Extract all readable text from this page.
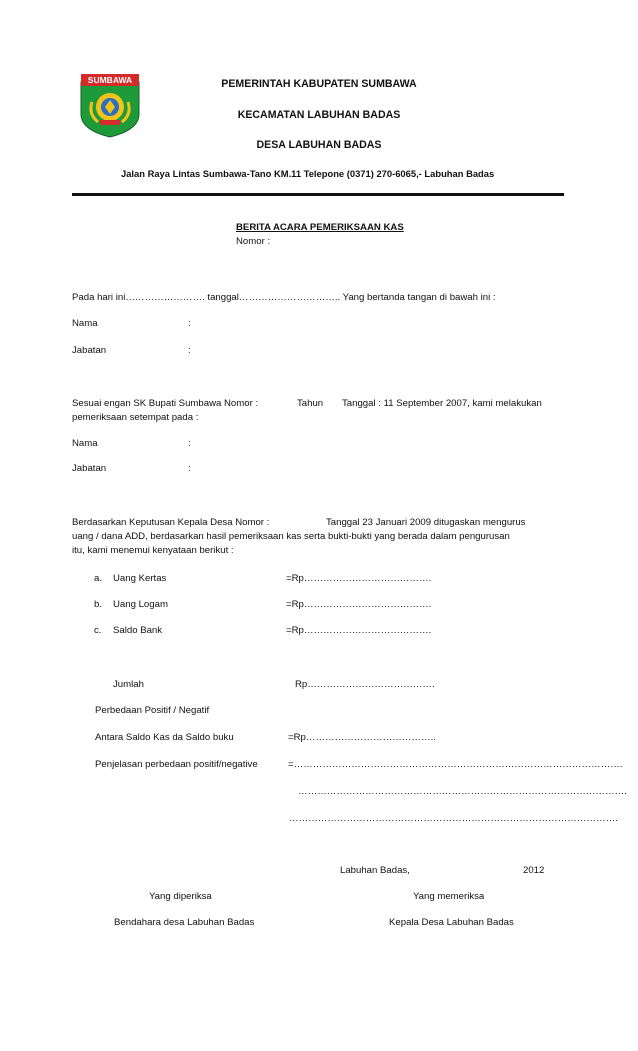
SUMBAWA	PEMERINTAH KABUPATEN SUMBAWA
KECAMATAN LABUHAN BADAS
DESA LABUHAN BADAS
Jalan Raya Lintas Sumbawa-Tano KM.11 Telepone (0371) 270-6065,- Labuhan Badas
BERITA ACARA PEMERIKSAAN KAS
Nomor :
Pada hari ini……………………. tanggal………………………….. Yang bertanda tangan di bawah ini :
Nama	:
Jabatan	:
Sesuai engan SK Bupati Sumbawa Nomor :	Tahun Tanggal : 11 September 2007, kami melakukan
pemeriksaan setempat pada :
Nama	:
Jabatan	:
Berdasarkan Keputusan Kepala Desa Nomor :	Tanggal 23 Januari 2009 ditugaskan mengurus
uang / dana ADD, berdasarkan hasil pemeriksaan kas serta bukti-bukti yang berada dalam pengurusan
itu, kami menemui kenyataan berikut :
a. Uang Kertas	=Rp………………………………….
b. Uang Logam	=Rp………………………………….
c. Saldo Bank	=Rp………………………………….
Jumlah	Rp………………………………….
Perbedaan Positif / Negatif
Antara Saldo Kas da Saldo buku	=Rp…………………………………..
Penjelasan perbedaan positif/negative	=………………………………………………………………………………………….
………………………………………………………………………………………….
………………………………………………………………………………………….
Labuhan Badas,	2012
Yang diperiksa	Yang memeriksa
Bendahara desa Labuhan Badas	Kepala Desa Labuhan Badas
